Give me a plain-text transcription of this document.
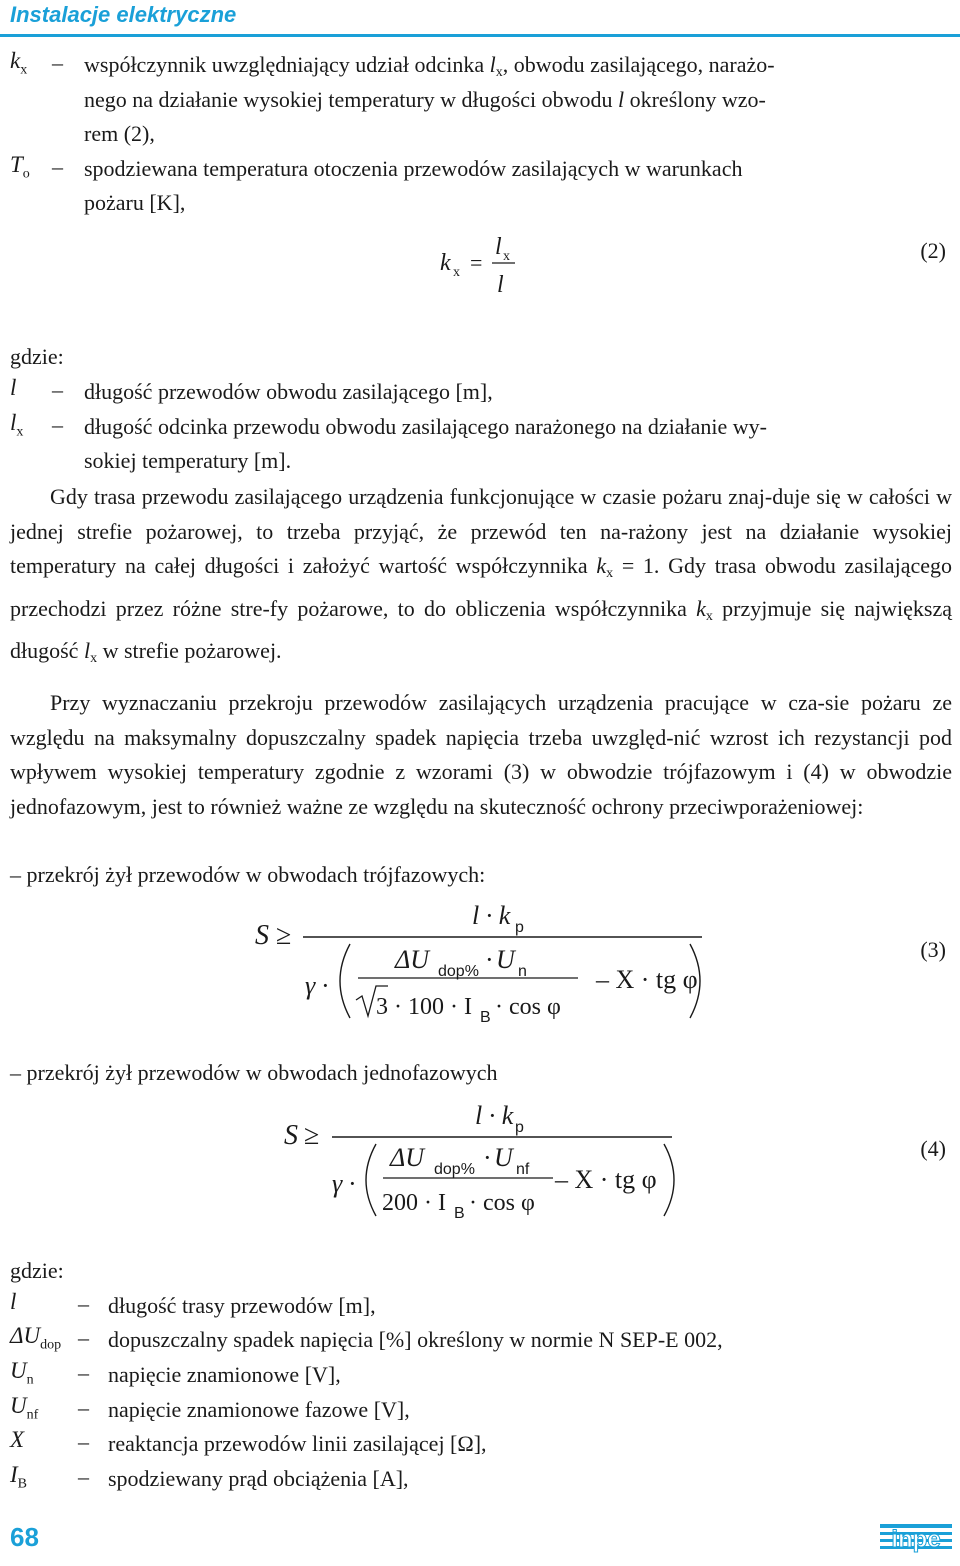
Instalacje elektryczne
$k_x$ – współczynnik uwzględniający udział odcinka $l_x$, obwodu zasilającego, narażo-

nego na działanie wysokiej temperatury w długości obwodu l określony wzo-

rem (2),

$T_o$ – spodziewana temperatura otoczenia przewodów zasilających w warunkach

pożaru [K],

k x =
l x
l
(2)

gdzie:

l – długość przewodów obwodu zasilającego [m],

$l_x$ – długość odcinka przewodu obwodu zasilającego narażonego na działanie wy-

sokiej temperatury [m].

Gdy trasa przewodu zasilającego urządzenia funkcjonujące w czasie pożaru znaj-duje się w całości w jednej strefie pożarowej, to trzeba przyjąć, że przewód ten na-rażony jest na działanie wysokiej temperatury na całej długości i założyć wartość współczynnika $k_x = 1$. Gdy trasa obwodu zasilającego przechodzi przez różne stre-fy pożarowe, to do obliczenia współczynnika $k_x$ przyjmuje się największą długość $l_x$ w strefie pożarowej.

Przy wyznaczaniu przekroju przewodów zasilających urządzenia pracujące w cza-sie pożaru ze względu na maksymalny dopuszczalny spadek napięcia trzeba uwzględ-nić wzrost ich rezystancji pod wpływem wysokiej temperatury zgodnie z wzorami (3) w obwodzie trójfazowym i (4) w obwodzie jednofazowym, jest to również ważne ze względu na skuteczność ochrony przeciwporażeniowej:

– przekrój żył przewodów w obwodach trójfazowych:

S ≥
l · k p
γ ·
ΔU dop% · U n
3 · 100 · I B · cos φ
– X · tg φ
(3)

– przekrój żył przewodów w obwodach jednofazowych

S ≥
l · k p
γ ·
ΔU dop% · U nf
200 · I B · cos φ
– X · tg φ
(4)

gdzie:

l	– długość trasy przewodów [m],

$\Delta U_{dop}$ – dopuszczalny spadek napięcia [%] określony w normie N SEP-E 002,

$U_n$ – napięcie znamionowe [V],

$U_{nf}$ – napięcie znamionowe fazowe [V],

X – reaktancja przewodów linii zasilającej [Ω],

$I_B$ – spodziewany prąd obciążenia [A],

68	inpe
